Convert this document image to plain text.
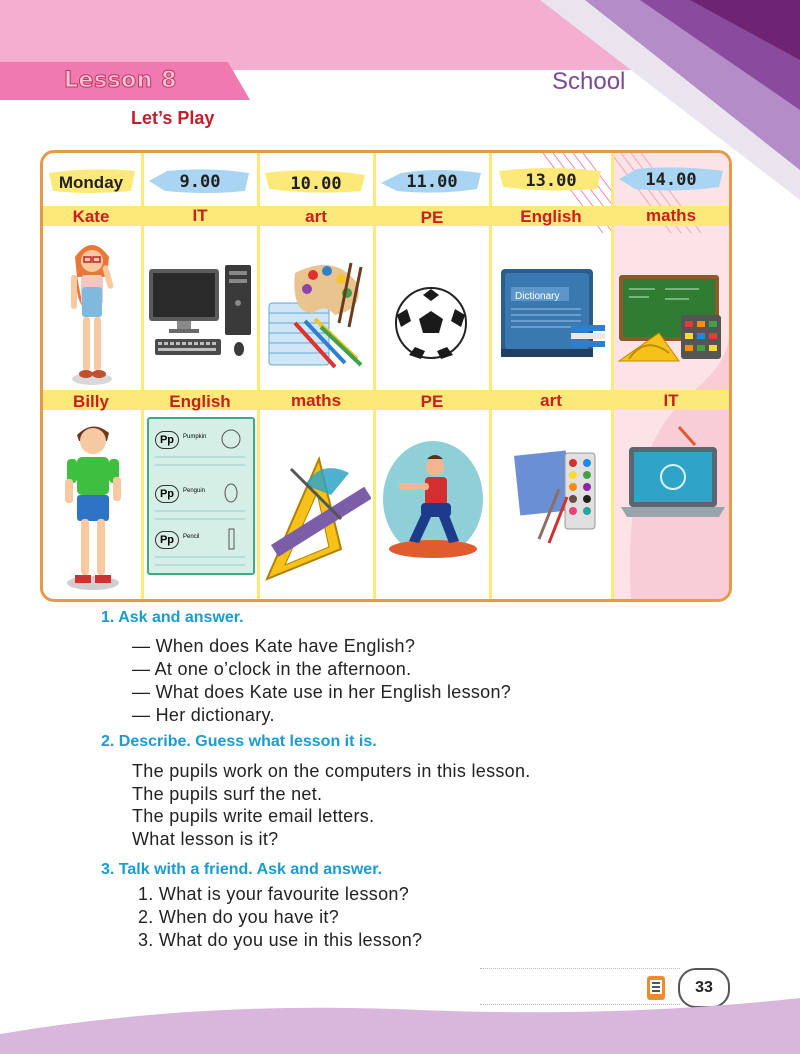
Lesson 8	School
Let’s Play
Monday	9.00	10.00	11.00	13.00	14.00
Kate	IT	art	PE	English	maths
Billy	English	maths	PE	art	IT
Dictionary
Pp	Pumpkin
Pp	Penguin
Pp	Pencil
1. Ask and answer.
— When does Kate have English?
— At one o’clock in the afternoon.
— What does Kate use in her English lesson?
— Her dictionary.
2. Describe. Guess what lesson it is.
The pupils work on the computers in this lesson.
The pupils surf the net.
The pupils write email letters.
What lesson is it?
3. Talk with a friend. Ask and answer.
1. What is your favourite lesson?
2. When do you have it?
3. What do you use in this lesson?
33
